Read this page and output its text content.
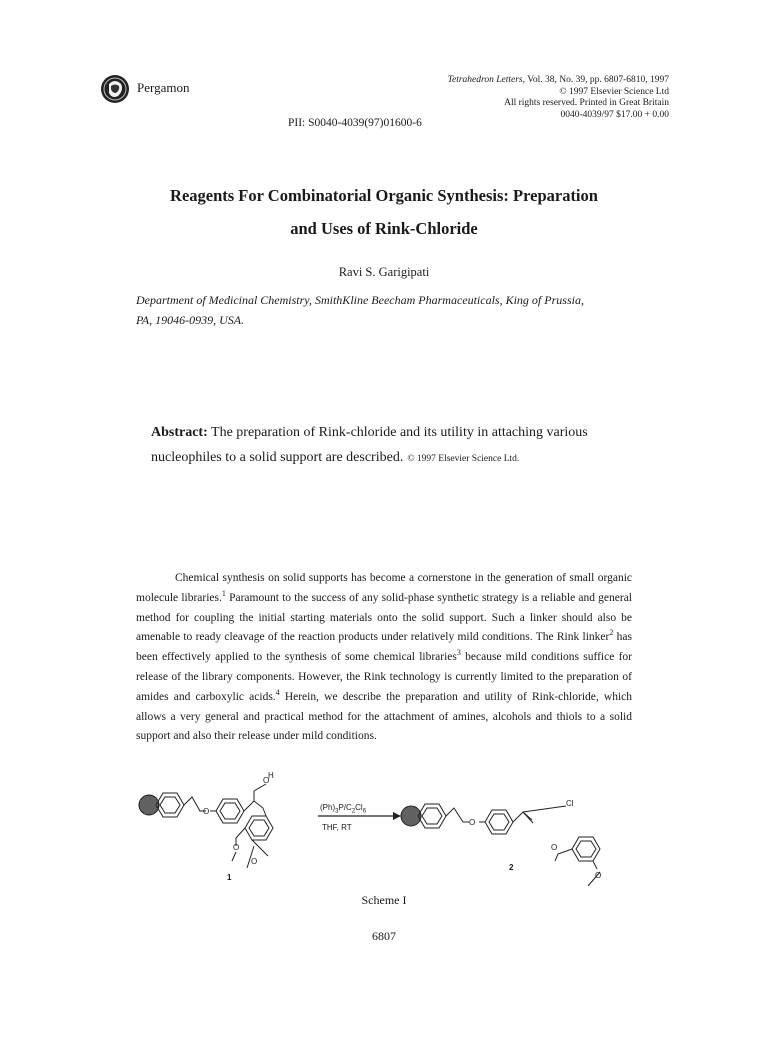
Pergamon	Tetrahedron Letters, Vol. 38, No. 39, pp. 6807-6810, 1997
© 1997 Elsevier Science Ltd
All rights reserved. Printed in Great Britain
0040-4039/97 $17.00 + 0.00
PII: S0040-4039(97)01600-6
Reagents For Combinatorial Organic Synthesis: Preparation
and Uses of Rink-Chloride
Ravi S. Garigipati
Department of Medicinal Chemistry, SmithKline Beecham Pharmaceuticals, King of Prussia,
PA, 19046-0939, USA.
Abstract: The preparation of Rink-chloride and its utility in attaching various nucleophiles to a solid support are described. © 1997 Elsevier Science Ltd.
Chemical synthesis on solid supports has become a cornerstone in the generation of small organic molecule libraries.$^1$ Paramount to the success of any solid-phase synthetic strategy is a reliable and general method for coupling the initial starting materials onto the solid support. Such a linker should also be amenable to ready cleavage of the reaction products under relatively mild conditions. The Rink linker$^2$ has been effectively applied to the synthesis of some chemical libraries$^3$ because mild conditions suffice for release of the library components. However, the Rink technology is currently limited to the preparation of amides and carboxylic acids.$^4$ Herein, we describe the preparation and utility of Rink-chloride, which allows a very general and practical method for the attachment of amines, alcohols and thiols to a solid support and also their release under mild conditions.
O
O
H
O
O
1
$(Ph)_3P/C_2Cl_6$
THF, RT
O
Cl
O
O
2
Scheme I
6807
